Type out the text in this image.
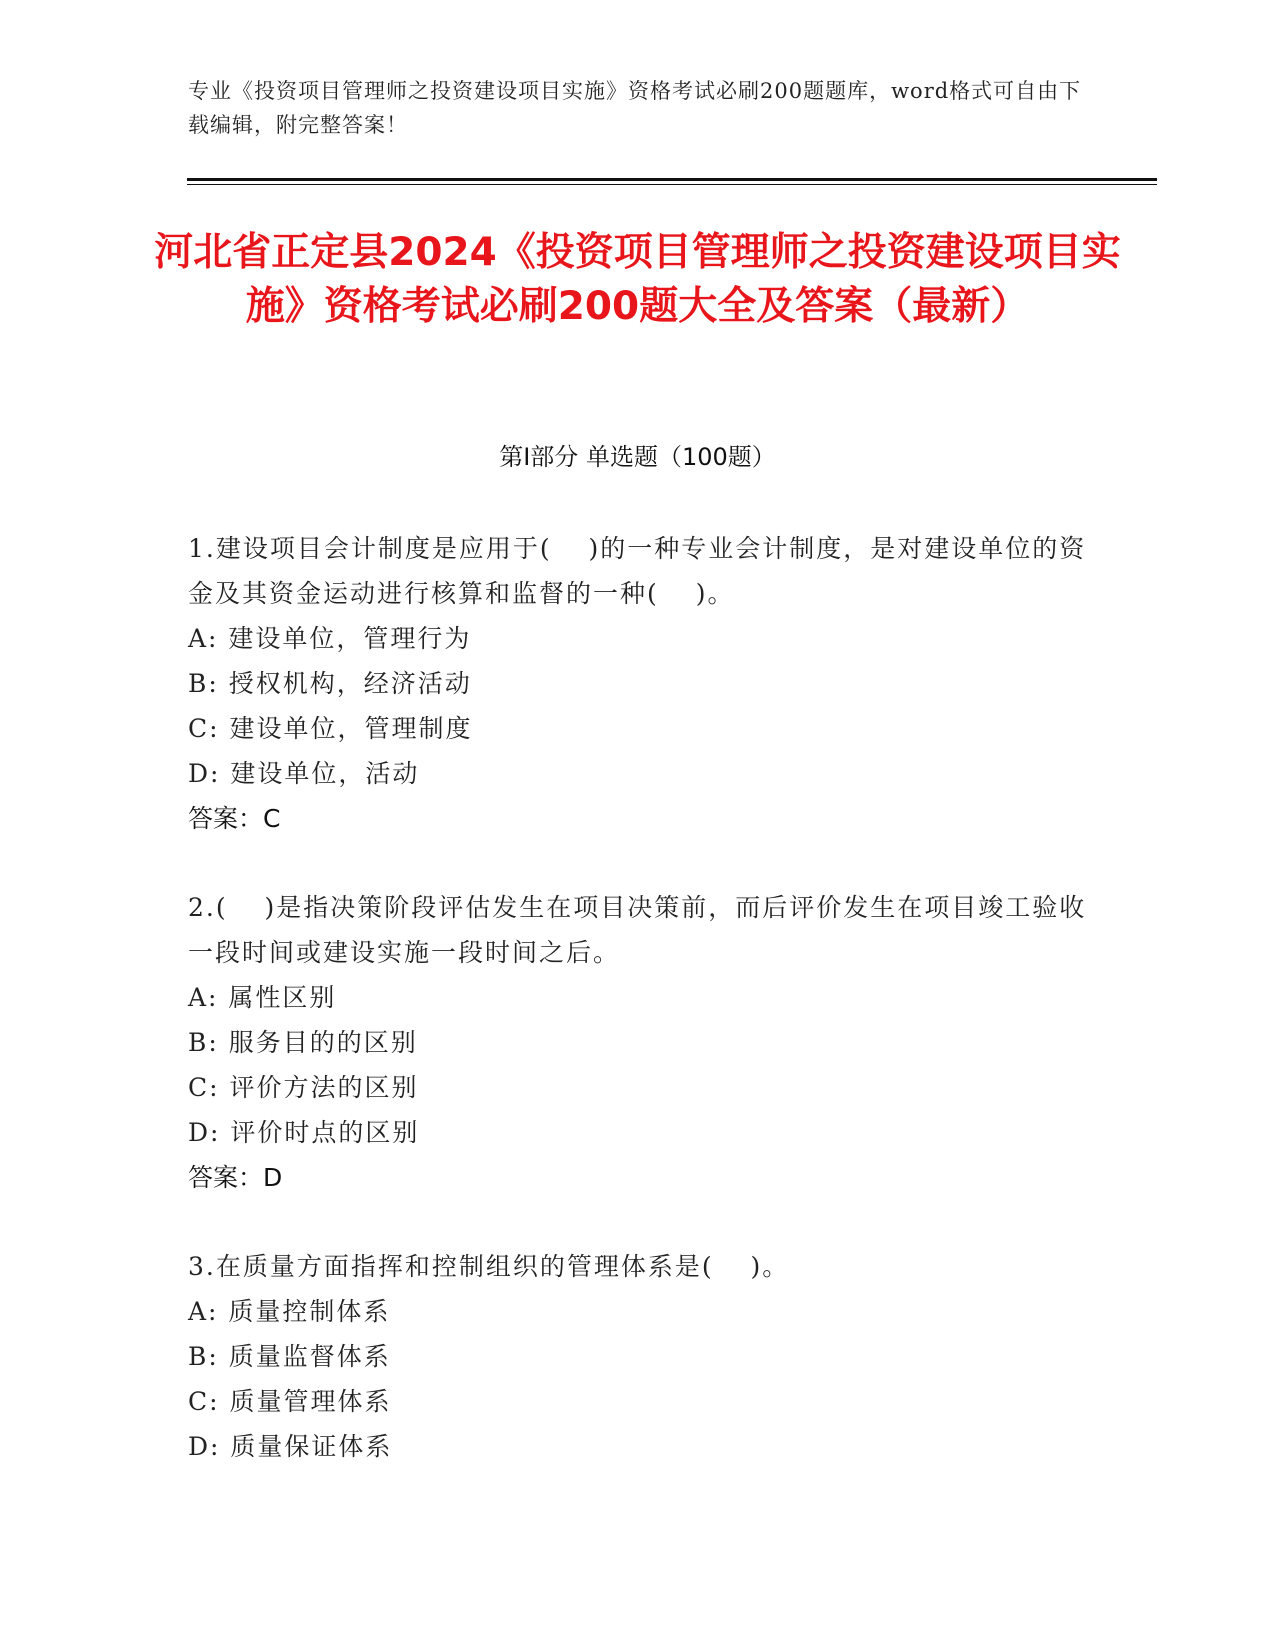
专业《投资项目管理师之投资建设项目实施》资格考试必刷200题题库，word格式可自由下载编辑，附完整答案！
河北省正定县2024《投资项目管理师之投资建设项目实施》资格考试必刷200题大全及答案（最新）
第Ⅰ部分 单选题（100题）
1.建设项目会计制度是应用于(　 )的一种专业会计制度，是对建设单位的资金及其资金运动进行核算和监督的一种(　 )。
A: 建设单位，管理行为
B: 授权机构，经济活动
C: 建设单位，管理制度
D: 建设单位，活动
答案：C
2.(　 )是指决策阶段评估发生在项目决策前，而后评价发生在项目竣工验收一段时间或建设实施一段时间之后。
A: 属性区别
B: 服务目的的区别
C: 评价方法的区别
D: 评价时点的区别
答案：D
3.在质量方面指挥和控制组织的管理体系是(　 )。
A: 质量控制体系
B: 质量监督体系
C: 质量管理体系
D: 质量保证体系
